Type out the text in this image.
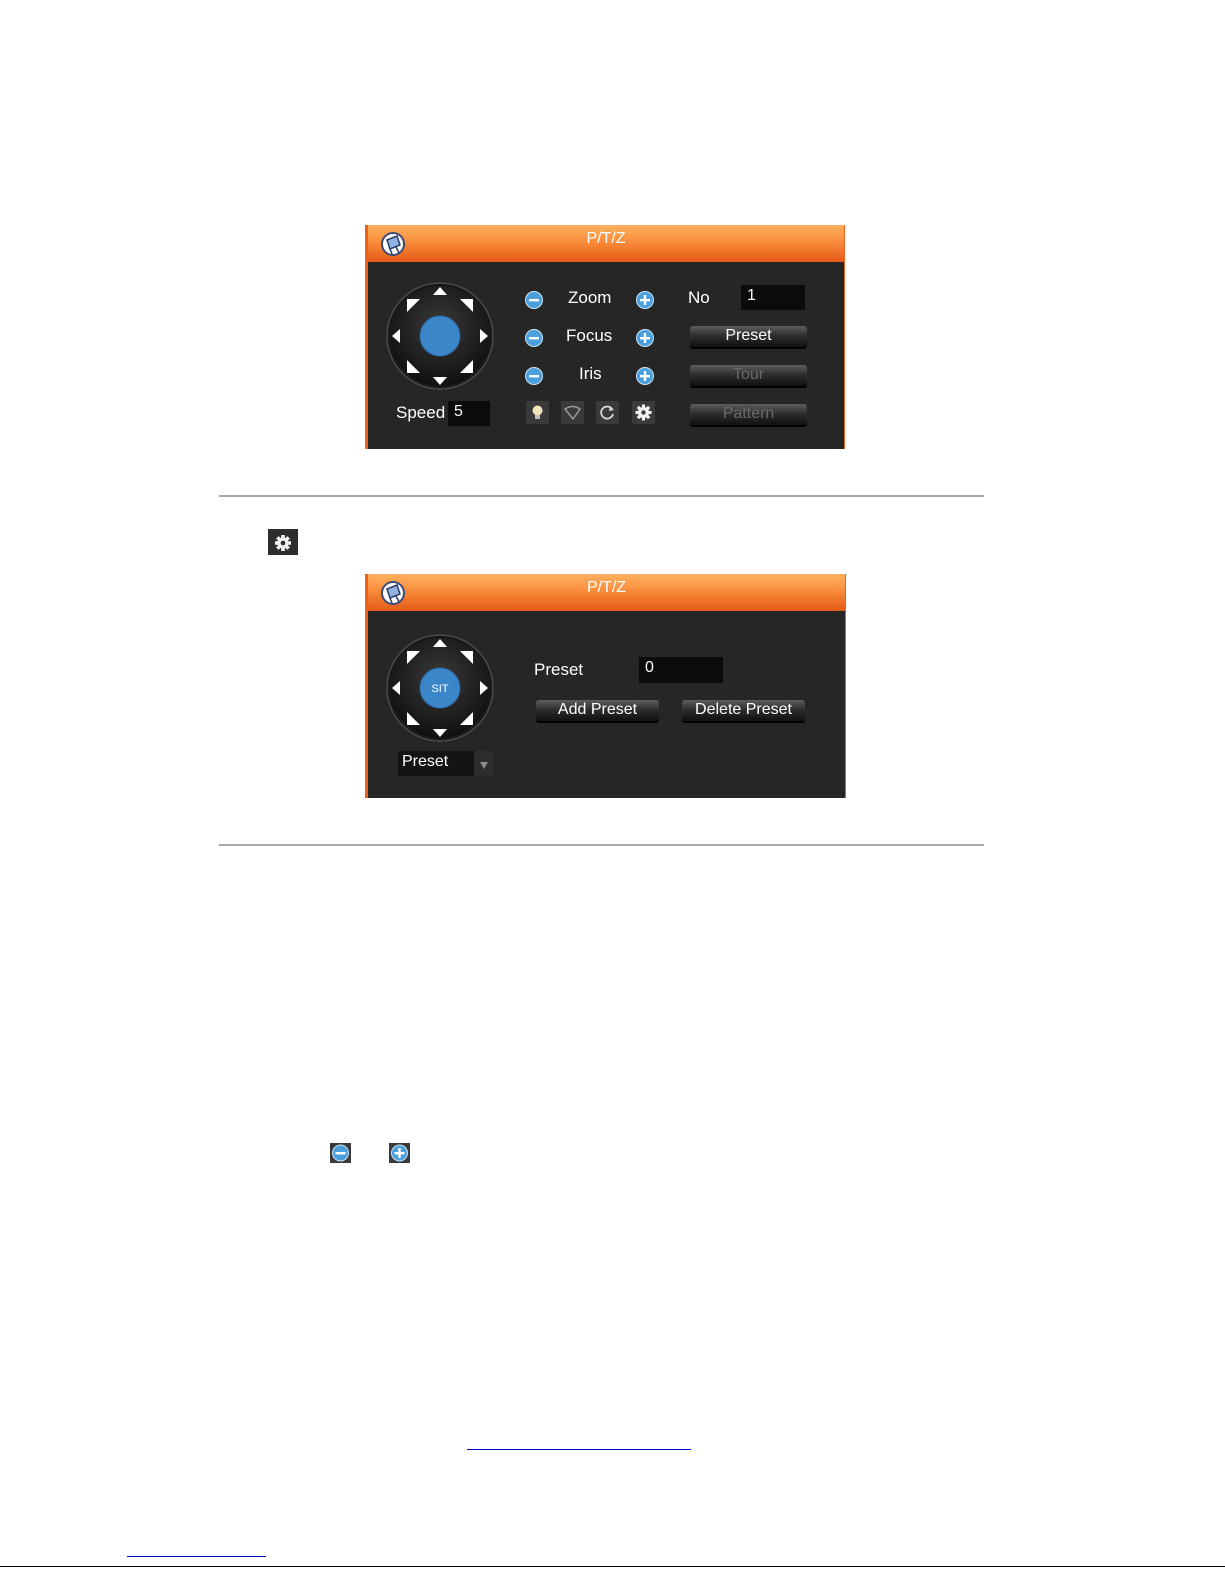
P/T/Z
Speed 5
Zoom
Focus
Iris
No	1
Preset
Tour
Pattern
P/T/Z
SIT
Preset
Preset	0
Add Preset	Delete Preset
